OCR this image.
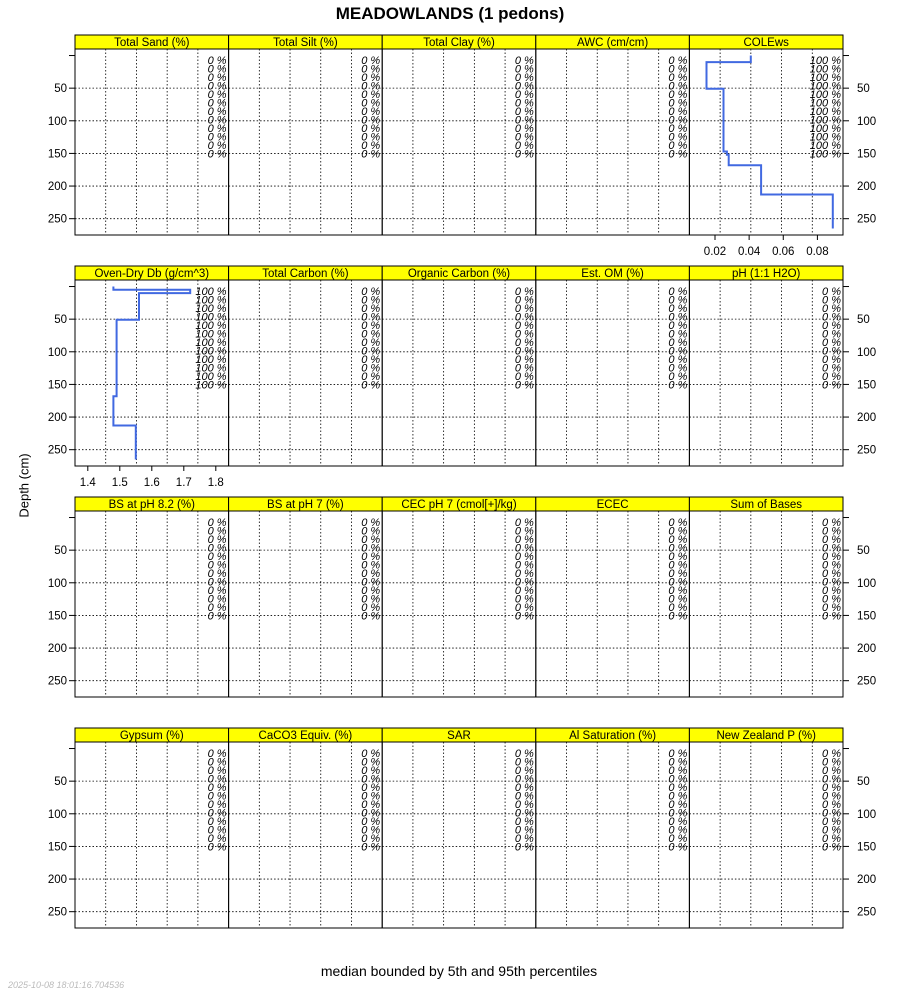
MEADOWLANDS (1 pedons)
Depth (cm)
Total Sand (%)
0 %
0 %
0 %
0 %
0 %
0 %
0 %
0 %
0 %
0 %
0 %
0 %
50
100
150
200
250
Total Silt (%)
0 %
0 %
0 %
0 %
0 %
0 %
0 %
0 %
0 %
0 %
0 %
0 %
Total Clay (%)
0 %
0 %
0 %
0 %
0 %
0 %
0 %
0 %
0 %
0 %
0 %
0 %
AWC (cm/cm)
0 %
0 %
0 %
0 %
0 %
0 %
0 %
0 %
0 %
0 %
0 %
0 %
COLEws
100 %
100 %
100 %
100 %
100 %
100 %
100 %
100 %
100 %
100 %
100 %
100 %
0.02 0.04 0.06 0.08
50
100
150
200
250
Oven-Dry Db (g/cm^3)
100 %
100 %
100 %
100 %
100 %
100 %
100 %
100 %
100 %
100 %
100 %
100 %
1.4 1.5 1.6 1.7 1.8
50
100
150
200
250
Total Carbon (%)
0 %
0 %
0 %
0 %
0 %
0 %
0 %
0 %
0 %
0 %
0 %
0 %
Organic Carbon (%)
0 %
0 %
0 %
0 %
0 %
0 %
0 %
0 %
0 %
0 %
0 %
0 %
Est. OM (%)
0 %
0 %
0 %
0 %
0 %
0 %
0 %
0 %
0 %
0 %
0 %
0 %
pH (1:1 H2O)
0 %
0 %
0 %
0 %
0 %
0 %
0 %
0 %
0 %
0 %
0 %
0 %
50
100
150
200
250
BS at pH 8.2 (%)
0 %
0 %
0 %
0 %
0 %
0 %
0 %
0 %
0 %
0 %
0 %
0 %
50
100
150
200
250
BS at pH 7 (%)
0 %
0 %
0 %
0 %
0 %
0 %
0 %
0 %
0 %
0 %
0 %
0 %
CEC pH 7 (cmol[+]/kg)
0 %
0 %
0 %
0 %
0 %
0 %
0 %
0 %
0 %
0 %
0 %
0 %
ECEC
0 %
0 %
0 %
0 %
0 %
0 %
0 %
0 %
0 %
0 %
0 %
0 %
Sum of Bases
0 %
0 %
0 %
0 %
0 %
0 %
0 %
0 %
0 %
0 %
0 %
0 %
50
100
150
200
250
Gypsum (%)
0 %
0 %
0 %
0 %
0 %
0 %
0 %
0 %
0 %
0 %
0 %
0 %
50
100
150
200
250
CaCO3 Equiv. (%)
0 %
0 %
0 %
0 %
0 %
0 %
0 %
0 %
0 %
0 %
0 %
0 %
SAR
0 %
0 %
0 %
0 %
0 %
0 %
0 %
0 %
0 %
0 %
0 %
0 %
Al Saturation (%)
0 %
0 %
0 %
0 %
0 %
0 %
0 %
0 %
0 %
0 %
0 %
0 %
New Zealand P (%)
0 %
0 %
0 %
0 %
0 %
0 %
0 %
0 %
0 %
0 %
0 %
0 %
50
100
150
200
250
median bounded by 5th and 95th percentiles
2025-10-08 18:01:16.704536
